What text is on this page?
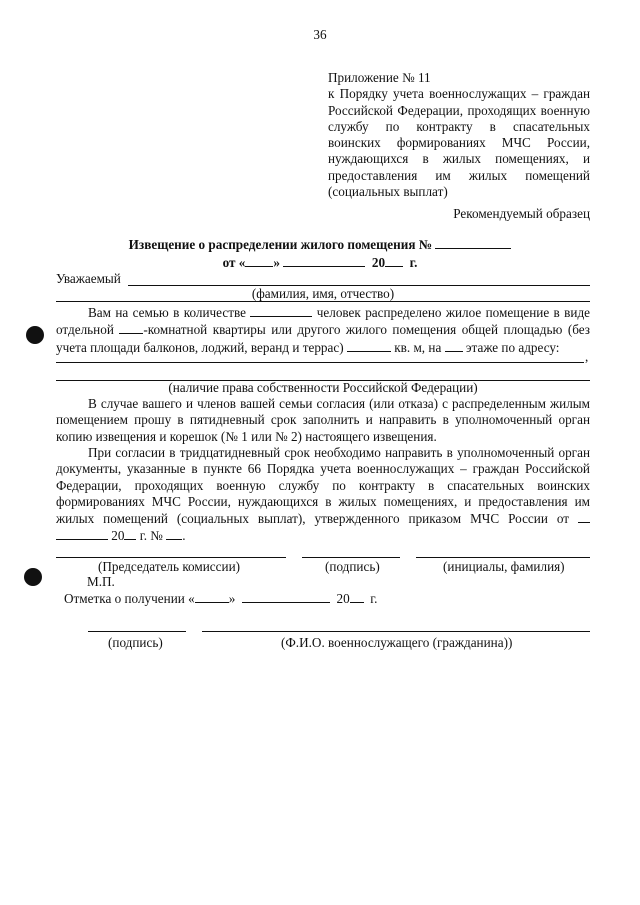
36
Приложение № 11
к Порядку учета военнослужащих – граждан Российской Федерации, проходящих военную службу по контракту в спасательных воинских формированиях МЧС России, нуждающихся в жилых помещениях, и предоставления им жилых помещений
(социальных выплат)
Рекомендуемый образец
Извещение о распределении жилого помещения №
от « »	20 г.
Уважаемый
(фамилия, имя, отчество)
Вам на семью в количестве	человек распределено жилое помещение в виде отдельной -комнатной квартиры или другого жилого помещения общей площадью (без учета площади балконов, лоджий, веранд и террас)	кв. м, на этаже по адресу:
,
(наличие права собственности Российской Федерации)
В случае вашего и членов вашей семьи согласия (или отказа) с распределенным жилым помещением прошу в пятидневный срок заполнить и направить в уполномоченный орган копию извещения и корешок (№ 1 или № 2) настоящего извещения.
При согласии в тридцатидневный срок необходимо направить в уполномоченный орган документы, указанные в пункте 66 Порядка учета военнослужащих – граждан Российской Федерации, проходящих военную службу по контракту в спасательных воинских формированиях МЧС России, нуждающихся в жилых помещениях, и предоставления им жилых помещений (социальных выплат), утвержденного приказом МЧС России от   20 г. № .
(Председатель комиссии)	(подпись)	(инициалы, фамилия)
М.П.
Отметка о получении «	»	20 г.
(подпись)	(Ф.И.О. военнослужащего (гражданина))
